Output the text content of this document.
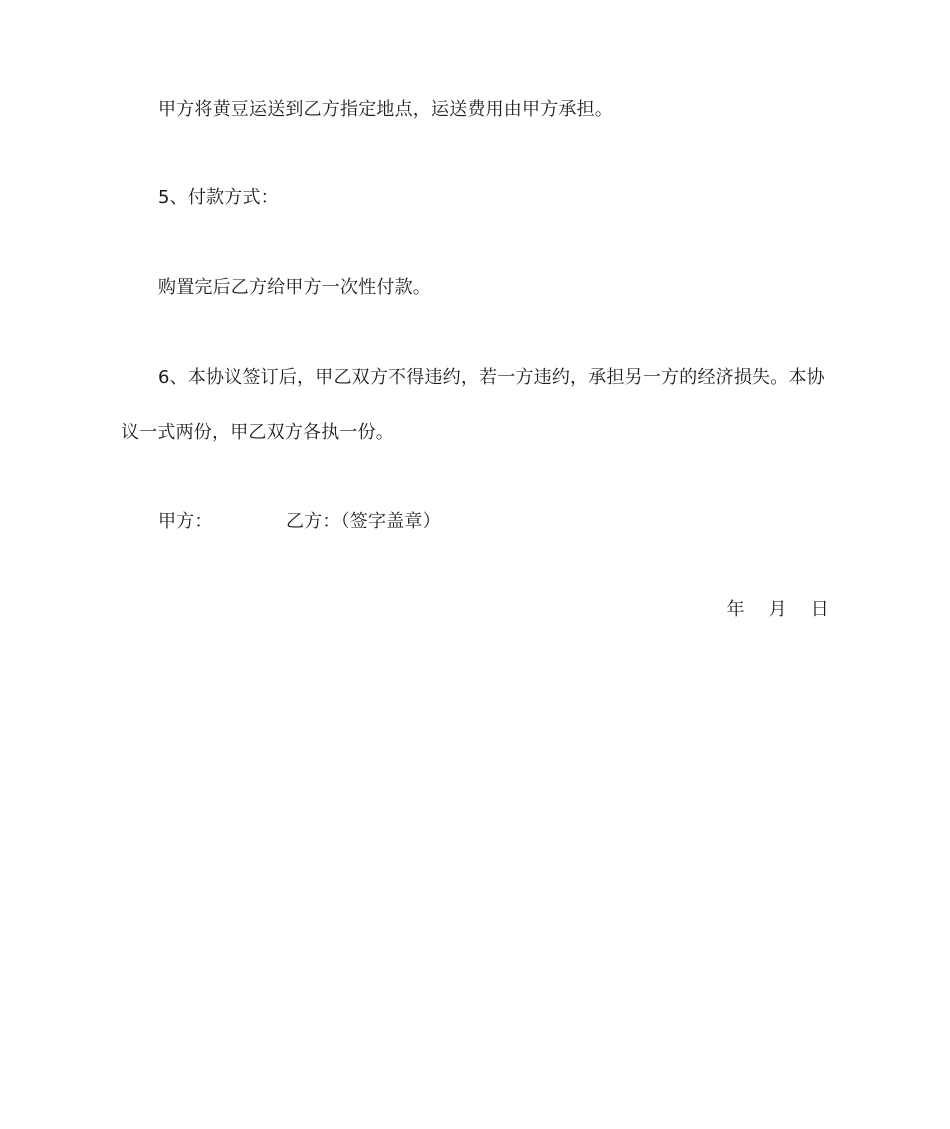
甲方将黄豆运送到乙方指定地点，运送费用由甲方承担。
5、付款方式：
购置完后乙方给甲方一次性付款。
6、本协议签订后，甲乙双方不得违约，若一方违约，承担另一方的经济损失。本协
议一式两份，甲乙双方各执一份。
甲方：	乙方：（签字盖章）
年 月 日
